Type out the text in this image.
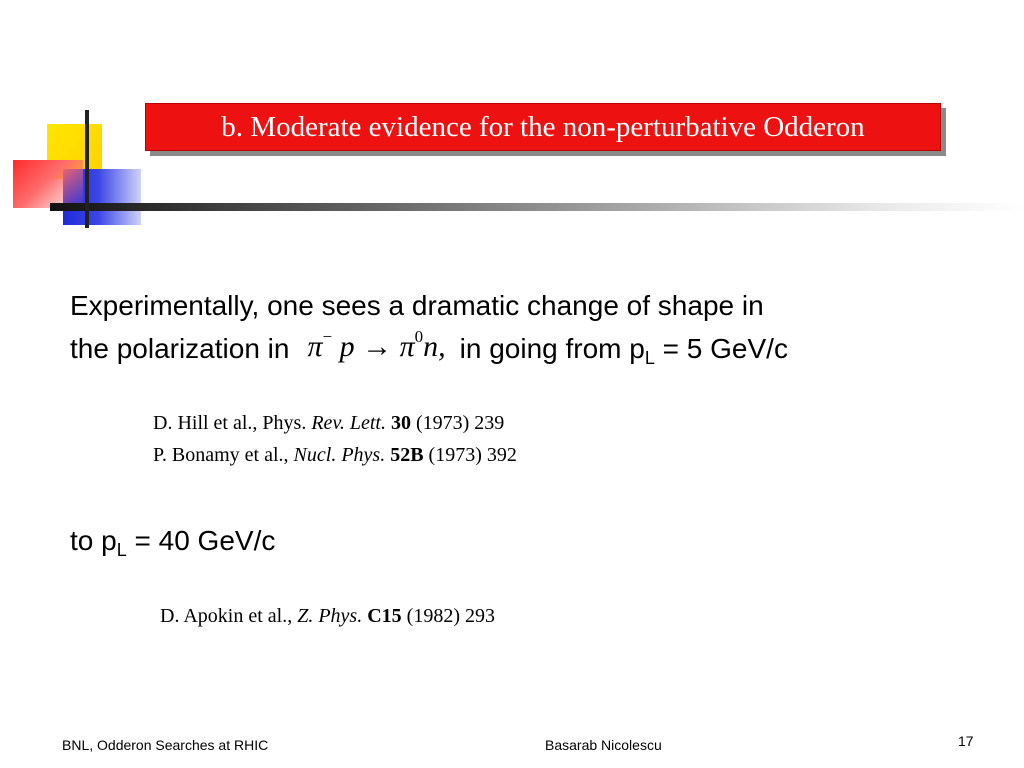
b. Moderate evidence for the non-perturbative Odderon
Experimentally, one sees a dramatic change of shape in
the polarization in π− $p \to \pi^0n$, in going from $p_L = 5$ GeV/c
D. Hill et al., Phys. Rev. Lett. 30 (1973) 239
P. Bonamy et al., Nucl. Phys. 52B (1973) 392
to $p_L = 40$ GeV/c
D. Apokin et al., Z. Phys. C15 (1982) 293
BNL, Odderon Searches at RHIC	Basarab Nicolescu	17
